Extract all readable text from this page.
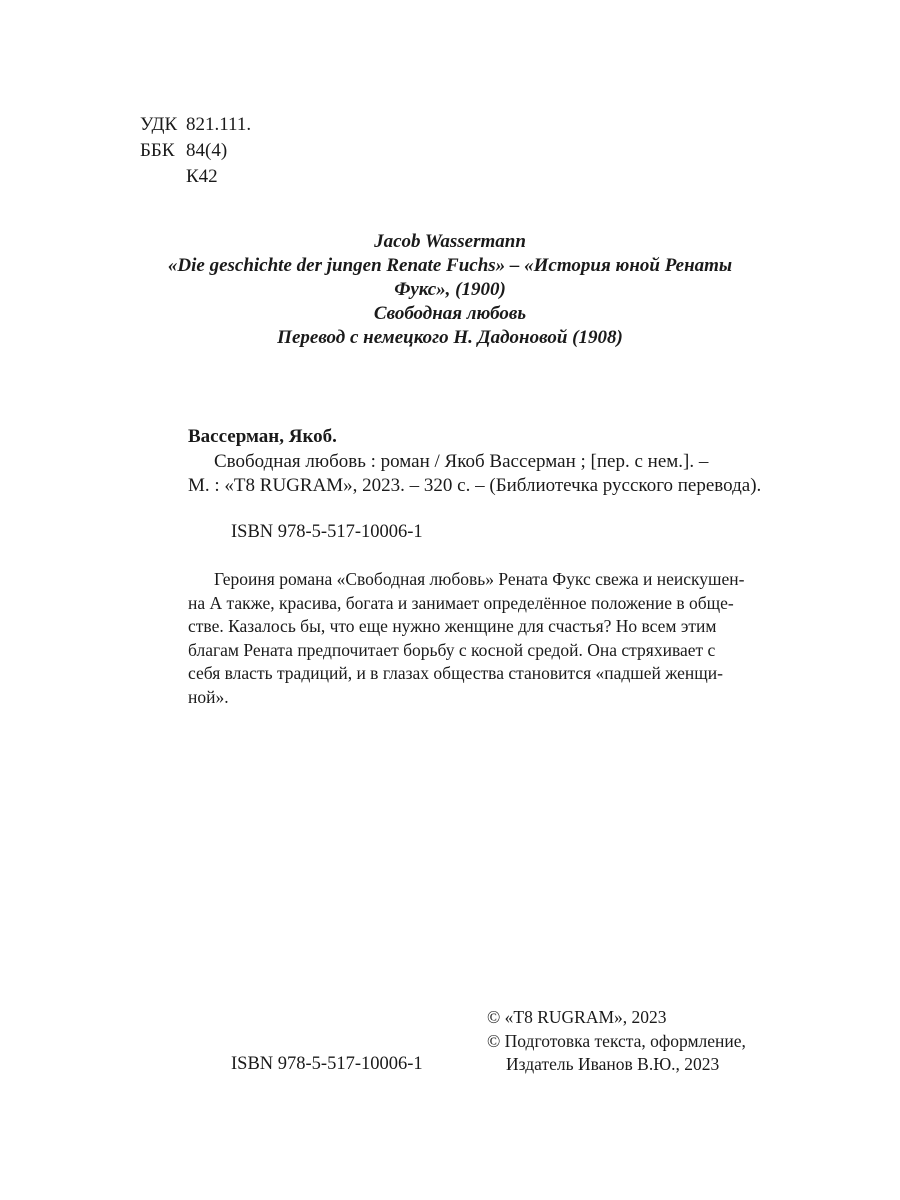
УДК 821.111.
ББК 84(4)
К42
Jacob Wassermann
«Die geschichte der jungen Renate Fuchs» – «История юной Ренаты
Фукс», (1900)
Свободная любовь
Перевод с немецкого Н. Дадоновой (1908)
Вассерман, Якоб.
Свободная любовь : роман / Якоб Вассерман ; [пер. с нем.]. –
М. : «Т8 RUGRAM», 2023. – 320 с. – (Библиотечка русского перевода).
ISBN 978-5-517-10006-1
Героиня романа «Свободная любовь» Рената Фукс свежа и неискушен-
на А также, красива, богата и занимает определённое положение в обще-
стве. Казалось бы, что еще нужно женщине для счастья? Но всем этим
благам Рената предпочитает борьбу с косной средой. Она стряхивает с
себя власть традиций, и в глазах общества становится «падшей женщи-
ной».
© «Т8 RUGRAM», 2023
© Подготовка текста, оформление,
Издатель Иванов В.Ю., 2023
ISBN 978-5-517-10006-1
